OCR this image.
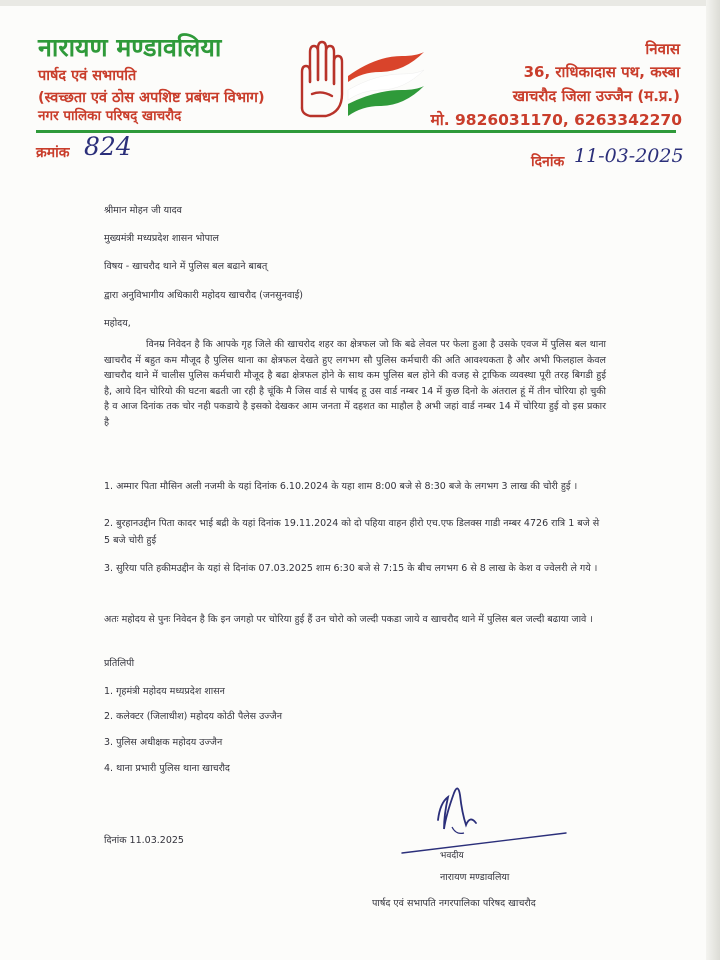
नारायण मण्डावलिया
पार्षद एवं सभापति
(स्वच्छता एवं ठोस अपशिष्ट प्रबंधन विभाग)
नगर पालिका परिषद् खाचरौद
निवास
36, राधिकादास पथ, कस्बा
खाचरौद जिला उज्जैन (म.प्र.)
मो. 9826031170, 6263342270
क्रमांक 824
दिनांक 11-03-2025
श्रीमान मोहन जी यादव
मुख्यमंत्री मध्यप्रदेश शासन भोपाल
विषय - खाचरौद थाने में पुलिस बल बढाने बाबत्
द्वारा अनुविभागीय अधिकारी महोदय खाचरौद (जनसुनवाई)
महोदय,
विनम्र निवेदन है कि आपके गृह जिले की खाचरोद शहर का क्षेत्रफल जो कि बढे लेवल पर फेला हुआ है उसके एवज में पुलिस बल थाना खाचरौद में बहुत कम मौजूद है पुलिस थाना का क्षेत्रफल देखते हुए लगभग सौ पुलिस कर्मचारी की अति आवश्यकता है और अभी फिलहाल केवल खाचरौद थाने में चालीस पुलिस कर्मचारी मौजूद है बढा क्षेत्रफल होने के साथ कम पुलिस बल होने की वजह से ट्राफिक व्यवस्था पूरी तरह बिगडी हुई है, आये दिन चोरियो की घटना बढती जा रही है चूंकि मै जिस वार्ड से पार्षद हू उस वार्ड नम्बर 14 में कुछ दिनो के अंतराल हूं में तीन चोरिया हो चुकी है व आज दिनांक तक चोर नही पकडाये है इसको देखकर आम जनता में दहशत का माहौल है अभी जहां वार्ड नम्बर 14 में चोरिया हुई वो इस प्रकार है
1. अम्मार पिता मौसिन अली नजमी के यहां दिनांक 6.10.2024 के यहा शाम 8:00 बजे से 8:30 बजे के लगभग 3 लाख की चोरी हुई ।
2. बुरहानउद्दीन पिता कादर भाई बद्री के यहां दिनांक 19.11.2024 को दो पहिया वाहन हीरो एच.एफ डिलक्स गाडी नम्बर 4726 रात्रि 1 बजे से 5 बजे चोरी हुई
3. सुरिया पति हकीमउद्दीन के यहां से दिनांक 07.03.2025 शाम 6:30 बजे से 7:15 के बीच लगभग 6 से 8 लाख के केश व ज्वेलरी ले गये ।
अतः महोदय से पुनः निवेदन है कि इन जगहो पर चोरिया हुई हैं उन चोरो को जल्दी पकडा जाये व खाचरौद थाने में पुलिस बल जल्दी बढाया जावे ।
प्रतिलिपी
1. गृहमंत्री महोदय मध्यप्रदेश शासन
2. कलेक्टर (जिलाधीश) महोदय कोठी पैलेस उज्जैन
3. पुलिस अधीक्षक महोदय उज्जैन
4. थाना प्रभारी पुलिस थाना खाचरौद
दिनांक 11.03.2025
भवदीय
नारायण मण्डावलिया
पार्षद एवं सभापति नगरपालिका परिषद खाचरौद
